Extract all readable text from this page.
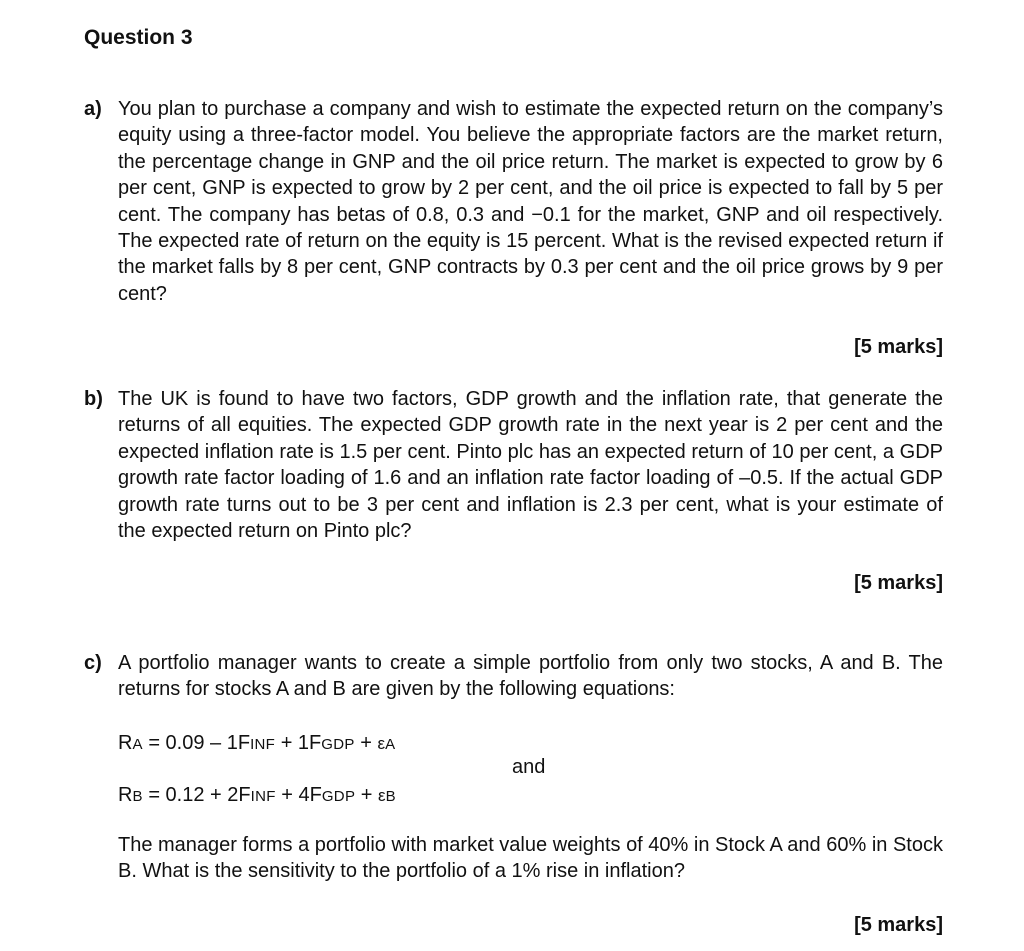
Question 3
a) You plan to purchase a company and wish to estimate the expected return on the company’s equity using a three-factor model. You believe the appropriate factors are the market return, the percentage change in GNP and the oil price return. The market is expected to grow by 6 per cent, GNP is expected to grow by 2 per cent, and the oil price is expected to fall by 5 per cent. The company has betas of 0.8, 0.3 and −0.1 for the market, GNP and oil respectively. The expected rate of return on the equity is 15 percent. What is the revised expected return if the market falls by 8 per cent, GNP contracts by 0.3 per cent and the oil price grows by 9 per cent?

[5 marks]
b) The UK is found to have two factors, GDP growth and the inflation rate, that generate the returns of all equities. The expected GDP growth rate in the next year is 2 per cent and the expected inflation rate is 1.5 per cent. Pinto plc has an expected return of 10 per cent, a GDP growth rate factor loading of 1.6 and an inflation rate factor loading of –0.5. If the actual GDP growth rate turns out to be 3 per cent and inflation is 2.3 per cent, what is your estimate of the expected return on Pinto plc?

[5 marks]
c) A portfolio manager wants to create a simple portfolio from only two stocks, A and B. The returns for stocks A and B are given by the following equations:

RA = 0.09 – 1FINF + 1FGDP + εA
and
RB = 0.12 + 2FINF + 4FGDP + εB

The manager forms a portfolio with market value weights of 40% in Stock A and 60% in Stock B. What is the sensitivity to the portfolio of a 1% rise in inflation?

[5 marks]
